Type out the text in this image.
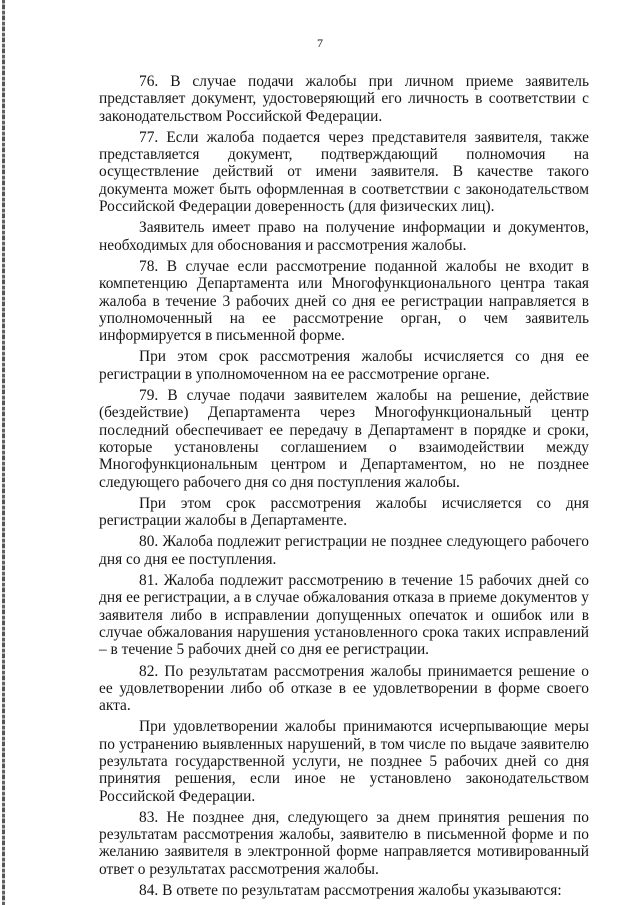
7

76. В случае подачи жалобы при личном приеме заявитель представляет документ, удостоверяющий его личность в соответствии с законодательством Российской Федерации.

77. Если жалоба подается через представителя заявителя, также представляется документ, подтверждающий полномочия на осуществление действий от имени заявителя. В качестве такого документа может быть оформленная в соответствии с законодательством Российской Федерации доверенность (для физических лиц).

Заявитель имеет право на получение информации и документов, необходимых для обоснования и рассмотрения жалобы.

78. В случае если рассмотрение поданной жалобы не входит в компетенцию Департамента или Многофункционального центра такая жалоба в течение 3 рабочих дней со дня ее регистрации направляется в уполномоченный на ее рассмотрение орган, о чем заявитель информируется в письменной форме.

При этом срок рассмотрения жалобы исчисляется со дня ее регистрации в уполномоченном на ее рассмотрение органе.

79. В случае подачи заявителем жалобы на решение, действие (бездействие) Департамента через Многофункциональный центр последний обеспечивает ее передачу в Департамент в порядке и сроки, которые установлены соглашением о взаимодействии между Многофункциональным центром и Департаментом, но не позднее следующего рабочего дня со дня поступления жалобы.

При этом срок рассмотрения жалобы исчисляется со дня регистрации жалобы в Департаменте.

80. Жалоба подлежит регистрации не позднее следующего рабочего дня со дня ее поступления.

81. Жалоба подлежит рассмотрению в течение 15 рабочих дней со дня ее регистрации, а в случае обжалования отказа в приеме документов у заявителя либо в исправлении допущенных опечаток и ошибок или в случае обжалования нарушения установленного срока таких исправлений – в течение 5 рабочих дней со дня ее регистрации.

82. По результатам рассмотрения жалобы принимается решение о ее удовлетворении либо об отказе в ее удовлетворении в форме своего акта.

При удовлетворении жалобы принимаются исчерпывающие меры по устранению выявленных нарушений, в том числе по выдаче заявителю результата государственной услуги, не позднее 5 рабочих дней со дня принятия решения, если иное не установлено законодательством Российской Федерации.

83. Не позднее дня, следующего за днем принятия решения по результатам рассмотрения жалобы, заявителю в письменной форме и по желанию заявителя в электронной форме направляется мотивированный ответ о результатах рассмотрения жалобы.

84. В ответе по результатам рассмотрения жалобы указываются:
